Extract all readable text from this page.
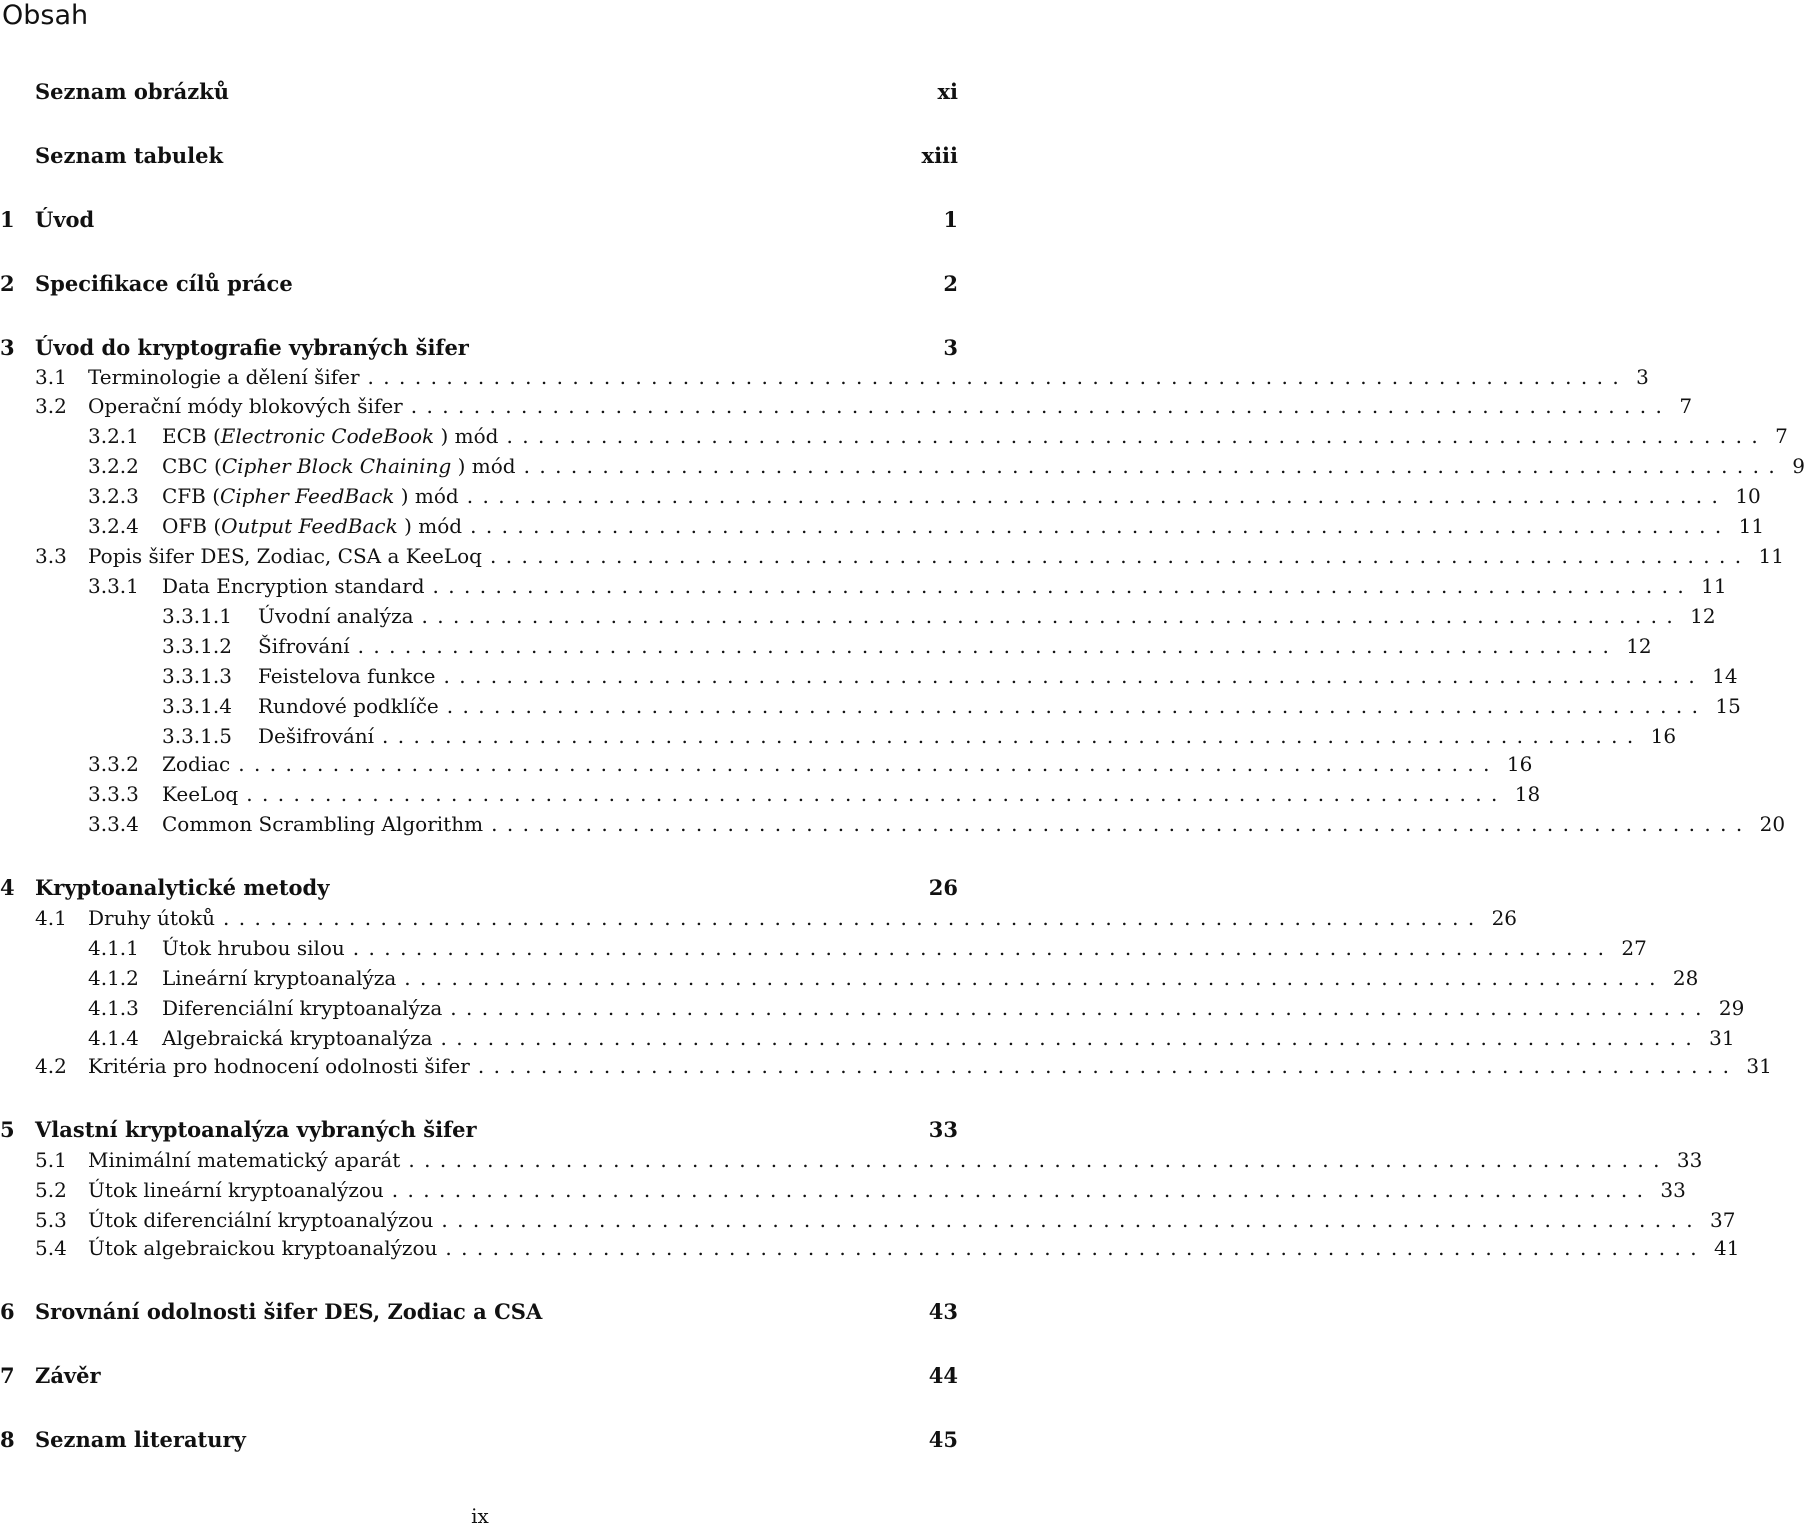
Obsah
Seznam obrázků	xi
Seznam tabulek	xiii
1 Úvod	1
2 Specifikace cílů práce	2
3 Úvod do kryptografie vybraných šifer	3
3.1	Terminologie a dělení šifer ................................................................................ 3
3.2	Operační módy blokových šifer ................................................................................ 7
3.2.1	ECB (Electronic CodeBook ) mód ................................................................................ 7
3.2.2	CBC (Cipher Block Chaining ) mód ................................................................................ 9
3.2.3	CFB (Cipher FeedBack ) mód ................................................................................ 10
3.2.4	OFB (Output FeedBack ) mód ................................................................................ 11
3.3	Popis šifer DES, Zodiac, CSA a KeeLoq ................................................................................ 11
3.3.1	Data Encryption standard ................................................................................ 11
3.3.1.1	Úvodní analýza ................................................................................ 12
3.3.1.2	Šifrování ................................................................................ 12
3.3.1.3	Feistelova funkce ................................................................................ 14
3.3.1.4	Rundové podklíče ................................................................................ 15
3.3.1.5	Dešifrování ................................................................................ 16
3.3.2	Zodiac ................................................................................ 16
3.3.3	KeeLoq ................................................................................ 18
3.3.4	Common Scrambling Algorithm ................................................................................ 20
4 Kryptoanalytické metody	26
4.1	Druhy útoků ................................................................................ 26
4.1.1	Útok hrubou silou ................................................................................ 27
4.1.2	Lineární kryptoanalýza ................................................................................ 28
4.1.3	Diferenciální kryptoanalýza ................................................................................ 29
4.1.4	Algebraická kryptoanalýza ................................................................................ 31
4.2	Kritéria pro hodnocení odolnosti šifer ................................................................................ 31
5 Vlastní kryptoanalýza vybraných šifer	33
5.1	Minimální matematický aparát ................................................................................ 33
5.2	Útok lineární kryptoanalýzou ................................................................................ 33
5.3	Útok diferenciální kryptoanalýzou ................................................................................ 37
5.4	Útok algebraickou kryptoanalýzou ................................................................................ 41
6 Srovnání odolnosti šifer DES, Zodiac a CSA	43
7 Závěr	44
8 Seznam literatury	45
ix
